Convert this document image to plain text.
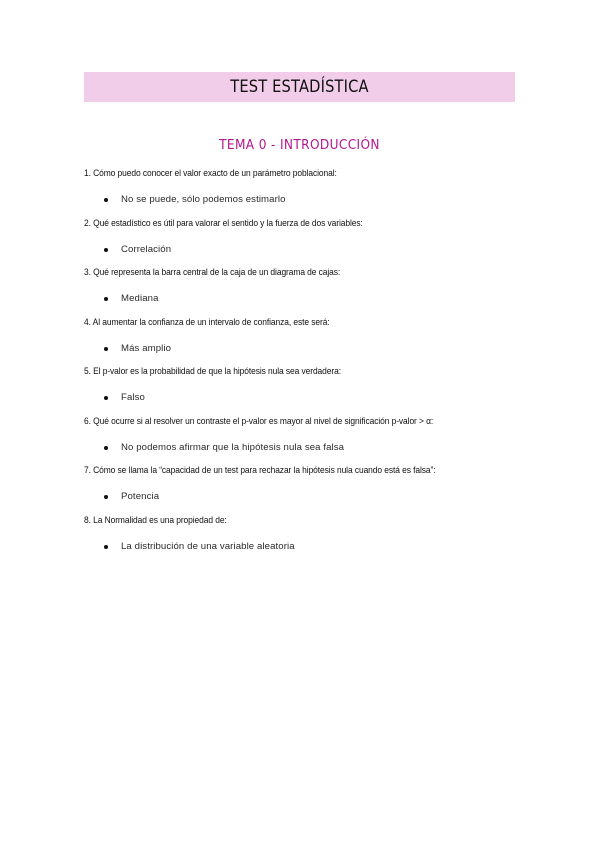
TEST ESTADÍSTICA
TEMA 0 - INTRODUCCIÓN
1. Cómo puedo conocer el valor exacto de un parámetro poblacional:
No se puede, sólo podemos estimarlo
2. Qué estadístico es útil para valorar el sentido y la fuerza de dos variables:
Correlación
3. Qué representa la barra central de la caja de un diagrama de cajas:
Mediana
4. Al aumentar la confianza de un intervalo de confianza, este será:
Más amplio
5. El p-valor es la probabilidad de que la hipótesis nula sea verdadera:
Falso
6. Qué ocurre si al resolver un contraste el p-valor es mayor al nivel de significación p-valor > α:
No podemos afirmar que la hipótesis nula sea falsa
7. Cómo se llama la “capacidad de un test para rechazar la hipótesis nula cuando está es falsa”:
Potencia
8. La Normalidad es una propiedad de:
La distribución de una variable aleatoria
